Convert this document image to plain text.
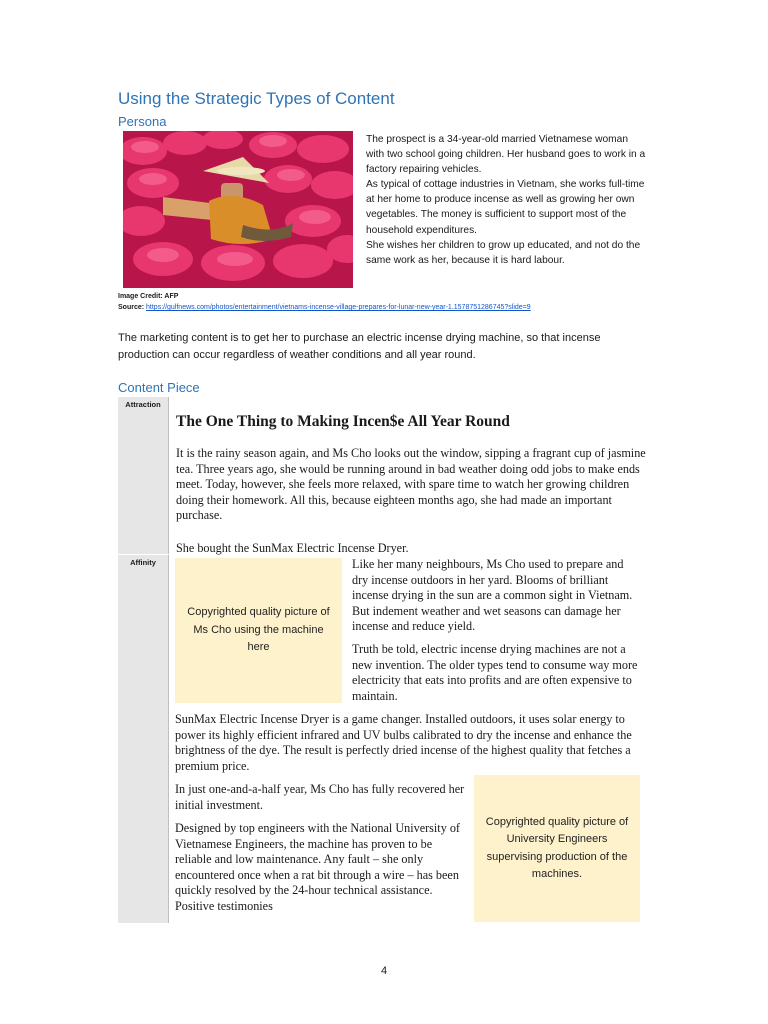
Using the Strategic Types of Content
Persona

The prospect is a 34-year-old married Vietnamese woman with two school going children. Her husband goes to work in a factory repairing vehicles.

As typical of cottage industries in Vietnam, she works full-time at her home to produce incense as well as growing her own vegetables. The money is sufficient to support most of the household expenditures.

She wishes her children to grow up educated, and not do the same work as her, because it is hard labour.

Image Credit: AFP
Source: https://gulfnews.com/photos/entertainment/vietnams-incense-village-prepares-for-lunar-new-year-1.1578751286745?slide=9
The marketing content is to get her to purchase an electric incense drying machine, so that incense production can occur regardless of weather conditions and all year round.
Content Piece
Attraction
Affinity
The One Thing to Making Incen$e All Year Round
It is the rainy season again, and Ms Cho looks out the window, sipping a fragrant cup of jasmine tea. Three years ago, she would be running around in bad weather doing odd jobs to make ends meet. Today, however, she feels more relaxed, with spare time to watch her growing children doing their homework. All this, because eighteen months ago, she had made an important purchase.
She bought the SunMax Electric Incense Dryer.
Copyrighted quality picture of Ms Cho using the machine here
Like her many neighbours, Ms Cho used to prepare and dry incense outdoors in her yard. Blooms of brilliant incense drying in the sun are a common sight in Vietnam. But indement weather and wet seasons can damage her incense and reduce yield.
Truth be told, electric incense drying machines are not a new invention. The older types tend to consume way more electricity that eats into profits and are often expensive to maintain.
SunMax Electric Incense Dryer is a game changer. Installed outdoors, it uses solar energy to power its highly efficient infrared and UV bulbs calibrated to dry the incense and enhance the brightness of the dye. The result is perfectly dried incense of the highest quality that fetches a premium price.
In just one-and-a-half year, Ms Cho has fully recovered her initial investment.
Designed by top engineers with the National University of Vietnamese Engineers, the machine has proven to be reliable and low maintenance. Any fault – she only encountered once when a rat bit through a wire – has been quickly resolved by the 24-hour technical assistance. Positive testimonies
Copyrighted quality picture of University Engineers supervising production of the machines.
4
